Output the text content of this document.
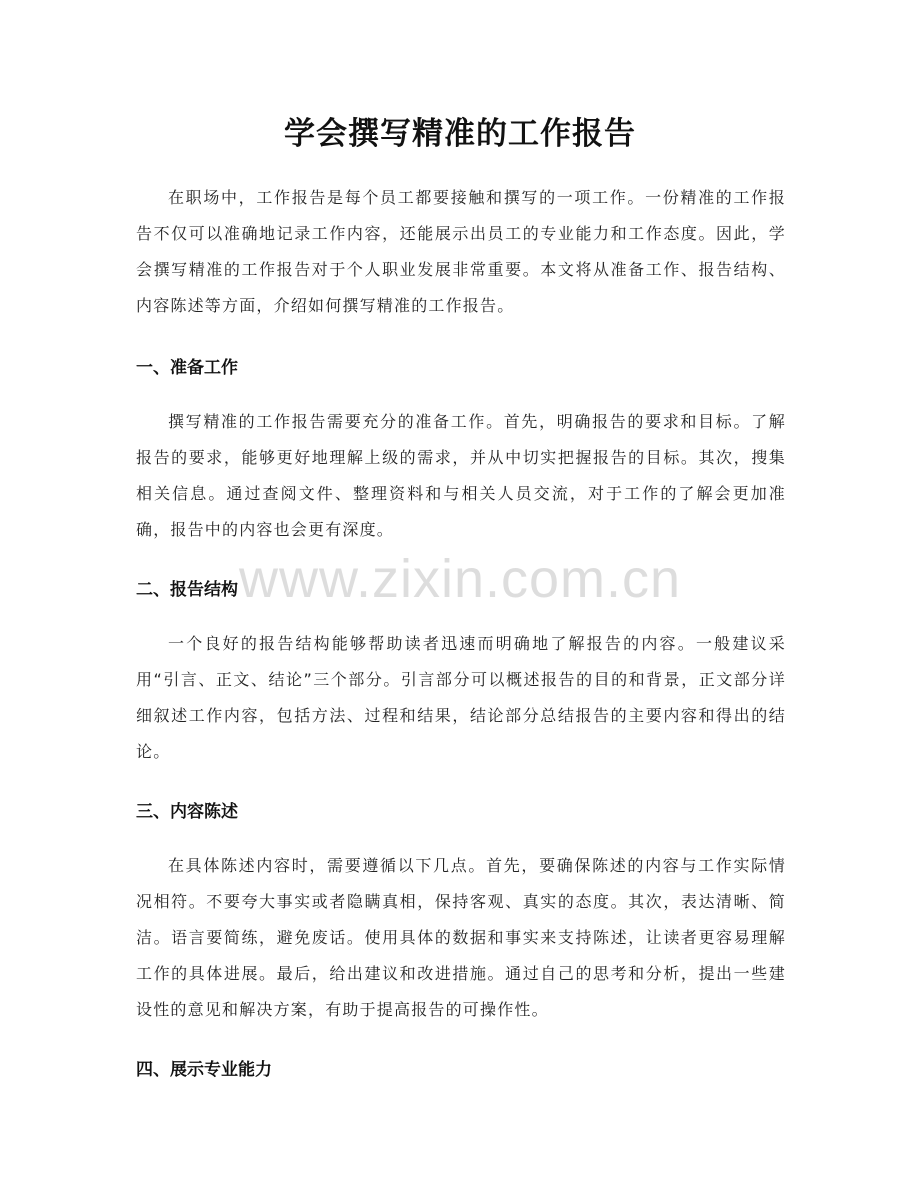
学会撰写精准的工作报告

在职场中，工作报告是每个员工都要接触和撰写的一项工作。一份精准的工作报告不仅可以准确地记录工作内容，还能展示出员工的专业能力和工作态度。因此，学会撰写精准的工作报告对于个人职业发展非常重要。本文将从准备工作、报告结构、内容陈述等方面，介绍如何撰写精准的工作报告。

一、准备工作

撰写精准的工作报告需要充分的准备工作。首先，明确报告的要求和目标。了解报告的要求，能够更好地理解上级的需求，并从中切实把握报告的目标。其次，搜集相关信息。通过查阅文件、整理资料和与相关人员交流，对于工作的了解会更加准确，报告中的内容也会更有深度。

二、报告结构

一个良好的报告结构能够帮助读者迅速而明确地了解报告的内容。一般建议采用“引言、正文、结论”三个部分。引言部分可以概述报告的目的和背景，正文部分详细叙述工作内容，包括方法、过程和结果，结论部分总结报告的主要内容和得出的结论。

三、内容陈述

在具体陈述内容时，需要遵循以下几点。首先，要确保陈述的内容与工作实际情况相符。不要夸大事实或者隐瞒真相，保持客观、真实的态度。其次，表达清晰、简洁。语言要简练，避免废话。使用具体的数据和事实来支持陈述，让读者更容易理解工作的具体进展。最后，给出建议和改进措施。通过自己的思考和分析，提出一些建设性的意见和解决方案，有助于提高报告的可操作性。

四、展示专业能力
www.zixin.com.cn
